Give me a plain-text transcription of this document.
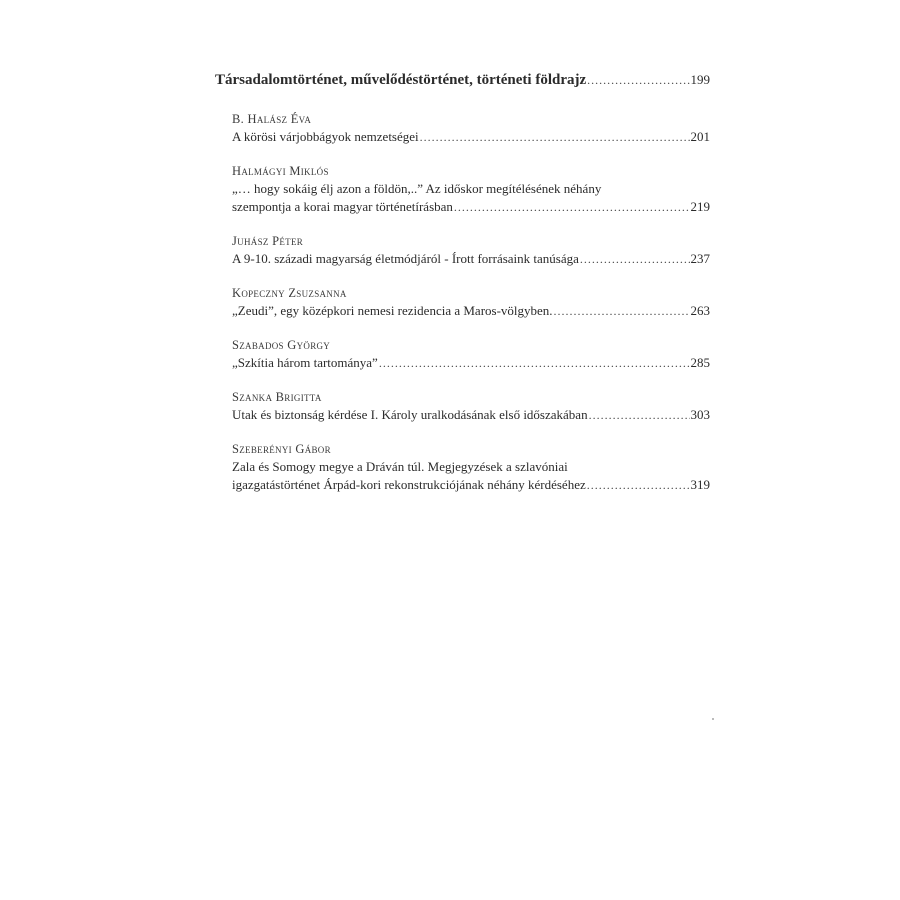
Társadalomtörténet, művelődéstörténet, történeti földrajz .....	199
B. Halász Éva
A körösi várjobbágyok nemzetségei .....	201
Halmágyi Miklós
„… hogy sokáig élj azon a földön,..” Az időskor megítélésének néhány
szempontja a korai magyar történetírásban .....	219
Juhász Péter
A 9-10. századi magyarság életmódjáról - Írott forrásaink tanúsága .....	237
Kopeczny Zsuzsanna
„Zeudi”, egy középkori nemesi rezidencia a Maros-völgyben. .....	263
Szabados György
„Szkítia három tartománya” .....	285
Szanka Brigitta
Utak és biztonság kérdése I. Károly uralkodásának első időszakában .....	303
Szeberényi Gábor
Zala és Somogy megye a Dráván túl. Megjegyzések a szlavóniai
igazgatástörténet Árpád-kori rekonstrukciójának néhány kérdéséhez .....	319
